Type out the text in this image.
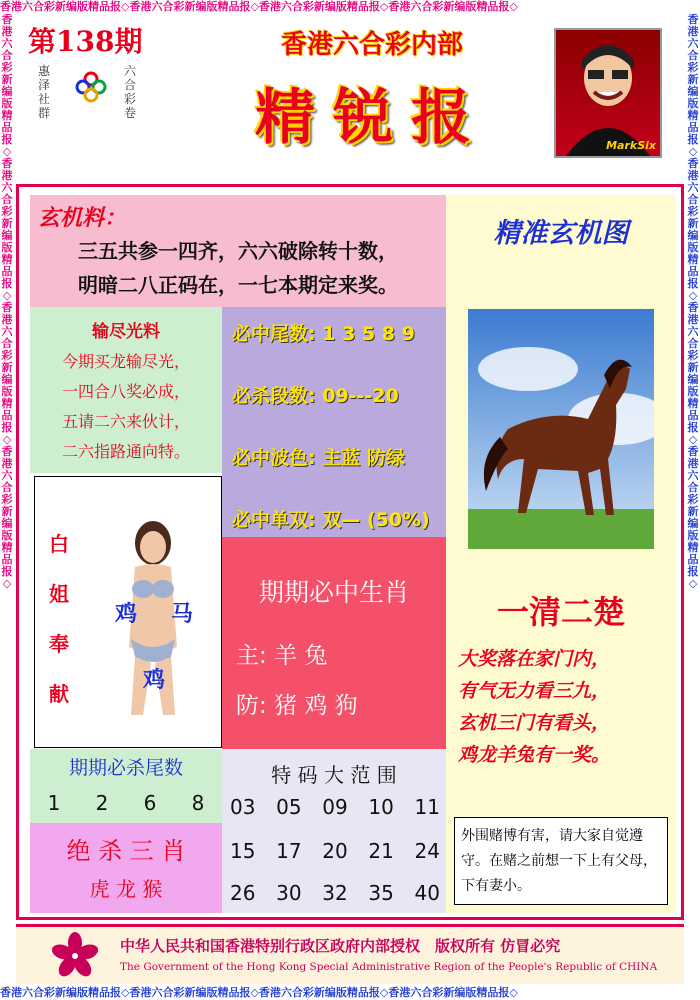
香港六合彩新编版精品报◇香港六合彩新编版精品报◇香港六合彩新编版精品报◇香港六合彩新编版精品报◇
香港六合彩新编版精品报◇香港六合彩新编版精品报◇香港六合彩新编版精品报◇香港六合彩新编版精品报◇
香港六合彩新编版精品报◇香港六合彩新编版精品报◇香港六合彩新编版精品报◇香港六合彩新编版精品报◇
香港六合彩新编版精品报◇香港六合彩新编版精品报◇香港六合彩新编版精品报◇香港六合彩新编版精品报◇
第138期
惠泽
社群
六合彩卷
香港六合彩内部
精锐报	MarkSix
玄机料：
三五共参一四齐，六六破除转十数，
明暗二八正码在，一七本期定来奖。
输尽光料
今期买龙输尽光，
一四合八奖必成，
五请二六来伙计，
二六指路通向特。
必中尾数: 1 3 5 8 9
必杀段数: 09---20
必中波色: 主蓝 防绿
必中单双: 双— (50%)
白
姐
奉
献
鸡 马
鸡
期期必中生肖
主: 羊 兔
防: 猪 鸡 狗
期期必杀尾数
1 2 6 8
绝 杀 三 肖
虎 龙 猴
特 码 大 范 围
03 05 09 10 11
15 17 20 21 24
26 30 32 35 40
精准玄机图
一清二楚
大奖落在家门内，
有气无力看三九，
玄机三门有看头，
鸡龙羊兔有一奖。
外围赌博有害，请大家自觉遵守。在赌之前想一下上有父母，下有妻小。
中华人民共和国香港特别行政区政府内部授权　版权所有 仿冒必究
The Government of the Hong Kong Special Administrative Region of the People's Republic of CHINA
